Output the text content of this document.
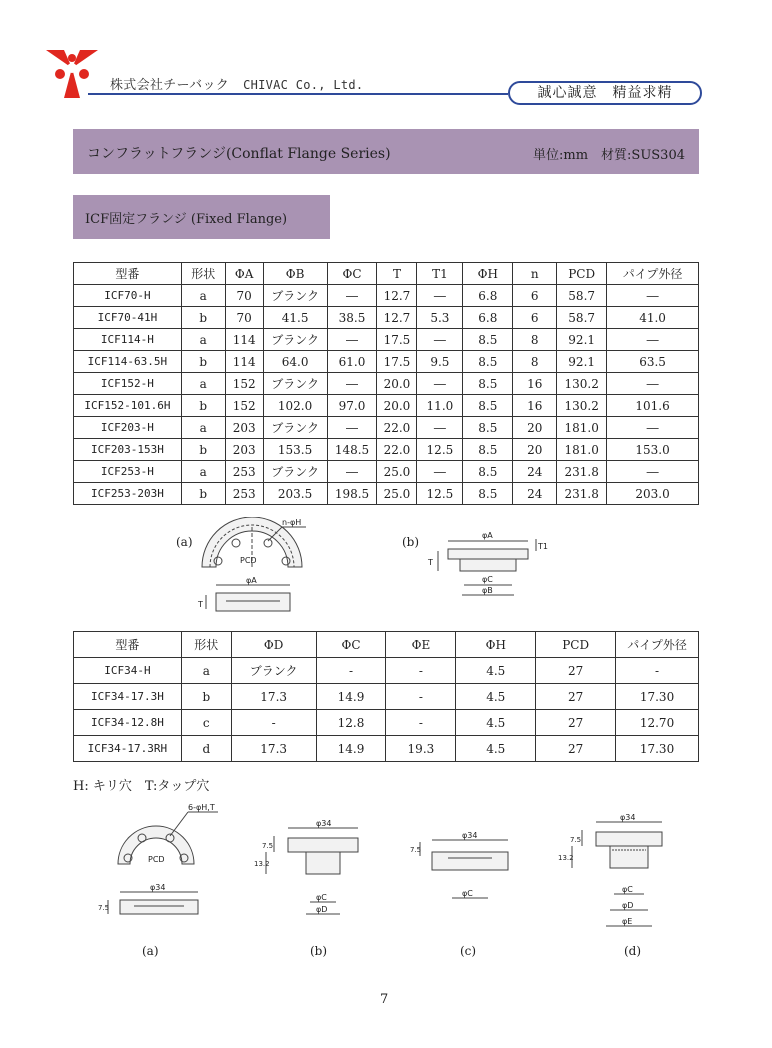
株式会社チーバック CHIVAC Co., Ltd.	誠心誠意　精益求精
コンフラットフランジ(Conflat Flange Series)	単位:mm　材質:SUS304
ICF固定フランジ (Fixed Flange)
型番	形状	ΦA	ΦB	ΦC	T	T1	ΦH	n	PCD	パイプ外径
ICF70-H	a	70	ブランク	―	12.7	―	6.8	6	58.7	―
ICF70-41H	b	70	41.5	38.5	12.7	5.3	6.8	6	58.7	41.0
ICF114-H	a	114	ブランク	―	17.5	―	8.5	8	92.1	―
ICF114-63.5H	b	114	64.0	61.0	17.5	9.5	8.5	8	92.1	63.5
ICF152-H	a	152	ブランク	―	20.0	―	8.5	16	130.2	―
ICF152-101.6H	b	152	102.0	97.0	20.0	11.0	8.5	16	130.2	101.6
ICF203-H	a	203	ブランク	―	22.0	―	8.5	20	181.0	―
ICF203-153H	b	203	153.5	148.5	22.0	12.5	8.5	20	181.0	153.0
ICF253-H	a	253	ブランク	―	25.0	―	8.5	24	231.8	―
ICF253-203H	b	253	203.5	198.5	25.0	12.5	8.5	24	231.8	203.0
(a)
n-φH
PCD
φA
T
(b)	φA
T1
T
φC
φB
型番	形状	ΦD	ΦC	ΦE	ΦH	PCD	パイプ外径
ICF34-H	a	ブランク	-	-	4.5	27	-
ICF34-17.3H	b	17.3	14.9	-	4.5	27	17.30
ICF34-12.8H	c	-	12.8	-	4.5	27	12.70
ICF34-17.3RH	d	17.3	14.9	19.3	4.5	27	17.30
H: キリ穴　T:タップ穴
6-φH,T
PCD
φ34
7.5
φ34
7.5
13.2
φC
φD
φ34
7.5
φC
φ34
7.5
13.2
φC
φD
φE
(a)	(b)	(c)	(d)
7
